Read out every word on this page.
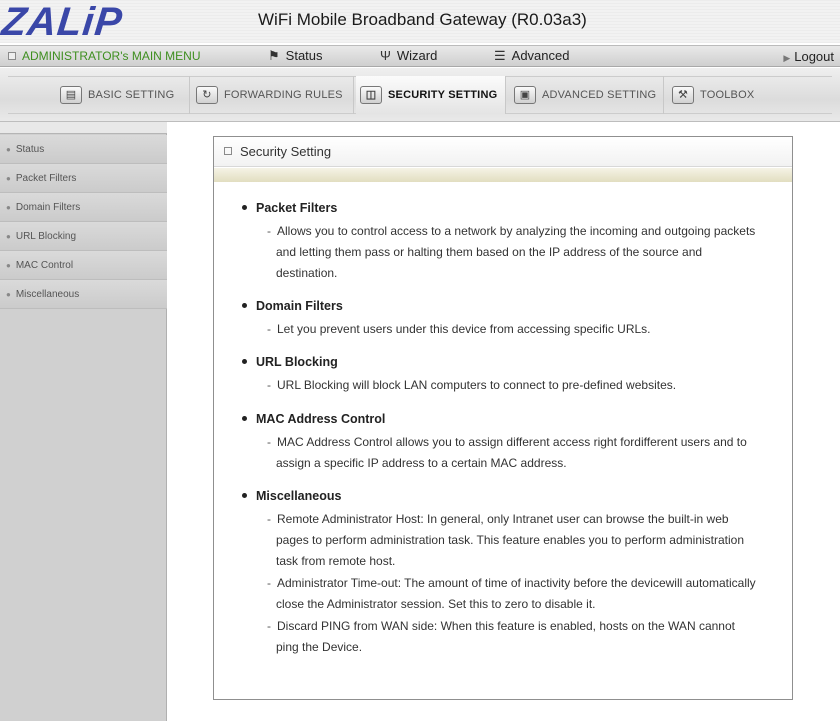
ZALiP	WiFi Mobile Broadband Gateway (R0.03a3)
ADMINISTRATOR's MAIN MENU	⚑ Status	Ψ Wizard	☰ Advanced	▶ Logout
▤	BASIC SETTING	↻	FORWARDING RULES	◫	SECURITY SETTING	▣	ADVANCED SETTING	⚒	TOOLBOX
● Status
● Packet Filters
● Domain Filters
● URL Blocking
● MAC Control
● Miscellaneous
Security Setting
Packet Filters
- Allows you to control access to a network by analyzing the incoming and outgoing packets
and letting them pass or halting them based on the IP address of the source and
destination.
Domain Filters
- Let you prevent users under this device from accessing specific URLs.
URL Blocking
- URL Blocking will block LAN computers to connect to pre-defined websites.
MAC Address Control
- MAC Address Control allows you to assign different access right fordifferent users and to
assign a specific IP address to a certain MAC address.
Miscellaneous
- Remote Administrator Host: In general, only Intranet user can browse the built-in web
pages to perform administration task. This feature enables you to perform administration
task from remote host.
- Administrator Time-out: The amount of time of inactivity before the devicewill automatically
close the Administrator session. Set this to zero to disable it.
- Discard PING from WAN side: When this feature is enabled, hosts on the WAN cannot
ping the Device.
